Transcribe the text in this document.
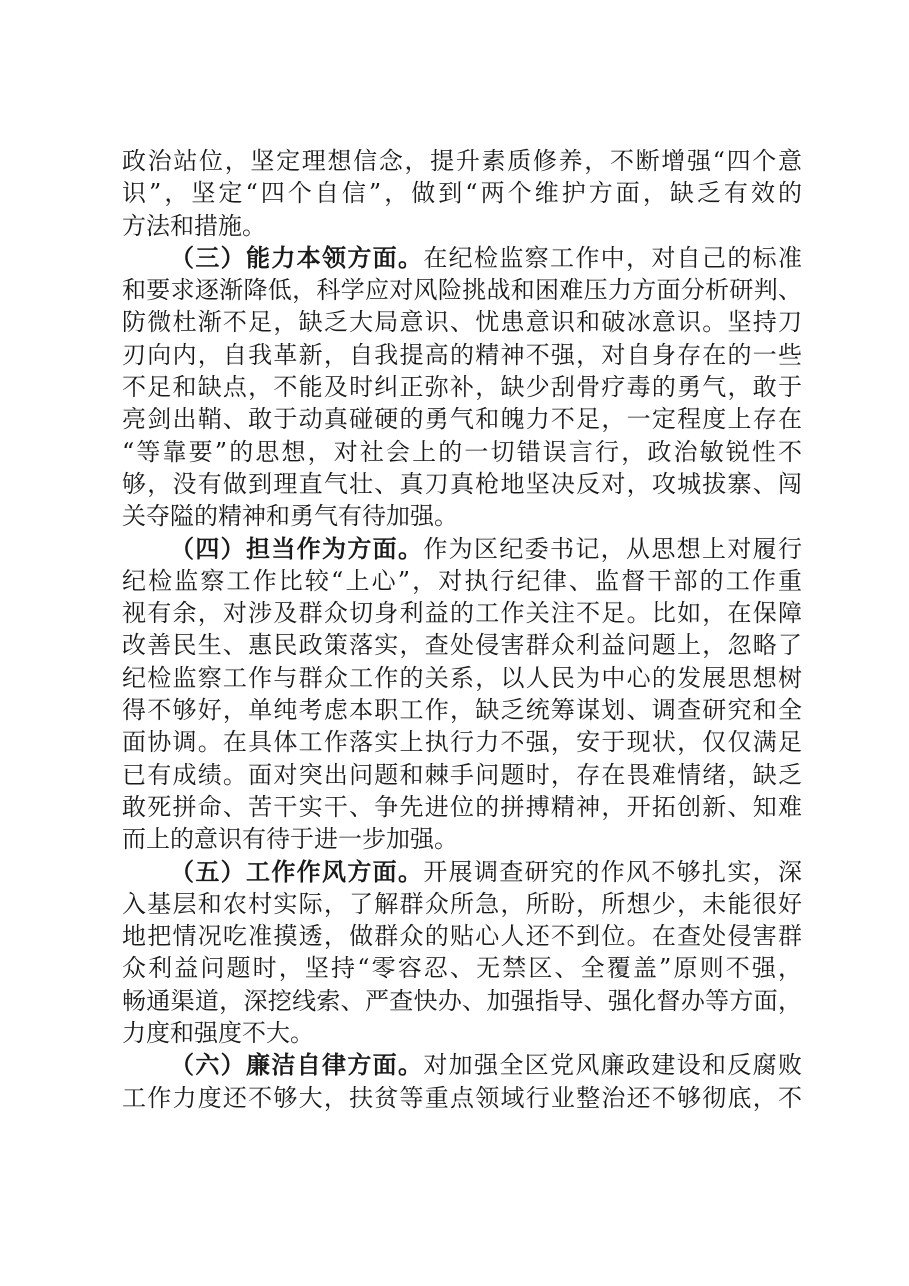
政治站位，坚定理想信念，提升素质修养，不断增强“四个意
识”，坚定“四个自信”，做到“两个维护方面，缺乏有效的
方法和措施。
（三）能力本领方面。在纪检监察工作中，对自己的标准
和要求逐渐降低，科学应对风险挑战和困难压力方面分析研判、
防微杜渐不足，缺乏大局意识、忧患意识和破冰意识。坚持刀
刃向内，自我革新，自我提高的精神不强，对自身存在的一些
不足和缺点，不能及时纠正弥补，缺少刮骨疗毒的勇气，敢于
亮剑出鞘、敢于动真碰硬的勇气和魄力不足，一定程度上存在
“等靠要”的思想，对社会上的一切错误言行，政治敏锐性不
够，没有做到理直气壮、真刀真枪地坚决反对，攻城拔寨、闯
关夺隘的精神和勇气有待加强。
（四）担当作为方面。作为区纪委书记，从思想上对履行
纪检监察工作比较“上心”，对执行纪律、监督干部的工作重
视有余，对涉及群众切身利益的工作关注不足。比如，在保障
改善民生、惠民政策落实，查处侵害群众利益问题上，忽略了
纪检监察工作与群众工作的关系，以人民为中心的发展思想树
得不够好，单纯考虑本职工作，缺乏统筹谋划、调查研究和全
面协调。在具体工作落实上执行力不强，安于现状，仅仅满足
已有成绩。面对突出问题和棘手问题时，存在畏难情绪，缺乏
敢死拼命、苦干实干、争先进位的拼搏精神，开拓创新、知难
而上的意识有待于进一步加强。
（五）工作作风方面。开展调查研究的作风不够扎实，深
入基层和农村实际，了解群众所急，所盼，所想少，未能很好
地把情况吃准摸透，做群众的贴心人还不到位。在查处侵害群
众利益问题时，坚持“零容忍、无禁区、全覆盖”原则不强，
畅通渠道，深挖线索、严查快办、加强指导、强化督办等方面，
力度和强度不大。
（六）廉洁自律方面。对加强全区党风廉政建设和反腐败
工作力度还不够大，扶贫等重点领域行业整治还不够彻底，不
